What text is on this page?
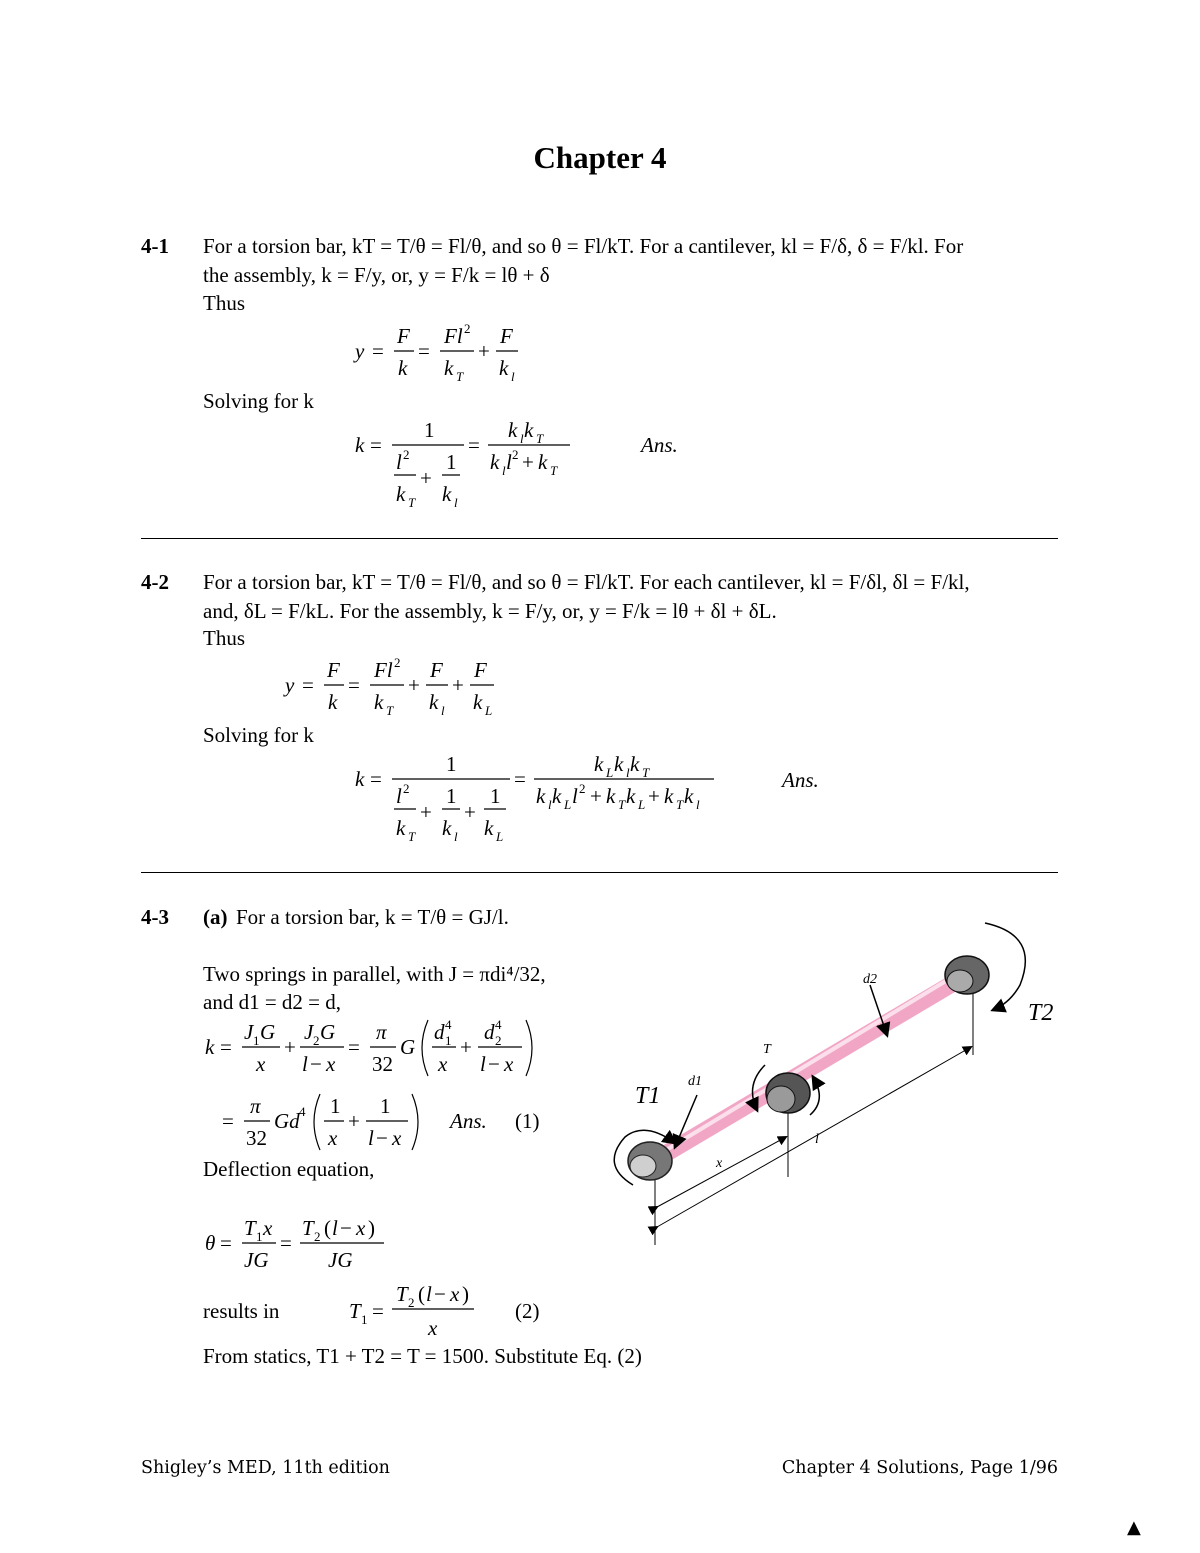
Chapter 4
4-1 For a torsion bar, kT = T/θ = Fl/θ, and so θ = Fl/kT. For a cantilever, kl = F/δ, δ = F/kl. For
the assembly, k = F/y, or, y = F/k = lθ + δ
Thus
y =
F
k
=
Fl 2
k T
+
F
k l
Solving for k
k =
1
l 2
k T
+
1
k l
=
k l k T
k l l 2 + k T
Ans.
4-2 For a torsion bar, kT = T/θ = Fl/θ, and so θ = Fl/kT. For each cantilever, kl = F/δl, δl = F/kl,
and, δL = F/kL. For the assembly, k = F/y, or, y = F/k = lθ + δl + δL.
Thus
y =
F
k
=
Fl 2
k T
+
F
k l
+
F
k L
Solving for k
k =
1
l 2
k T
+
1
k l
+
1
k L
=
k L k l k T
k l k L l 2 + k T k L + k T k l
Ans.
4-3 (a) For a torsion bar, k = T/θ = GJ/l.
Two springs in parallel, with J = πdi⁴/32,
and d1 = d2 = d,
k =
J 1 G
x
+
J 2 G
l − x
=
π
32
G
d 4
1
x
+
d 4
2
l − x
=
π
32
Gd 4 1
x
+
1
l − x
Ans. (1)
Deflection equation,
θ =
T 1 x
JG
=
T 2 ( l − x )
JG
results in	T 1 =
T 2 ( l − x )
x
(2)
From statics, T1 + T2 = T = 1500. Substitute Eq. (2)
T1
T2
T
d1
d2
x
l
Shigley’s MED, 11th edition	Chapter 4 Solutions, Page 1/96
▲
